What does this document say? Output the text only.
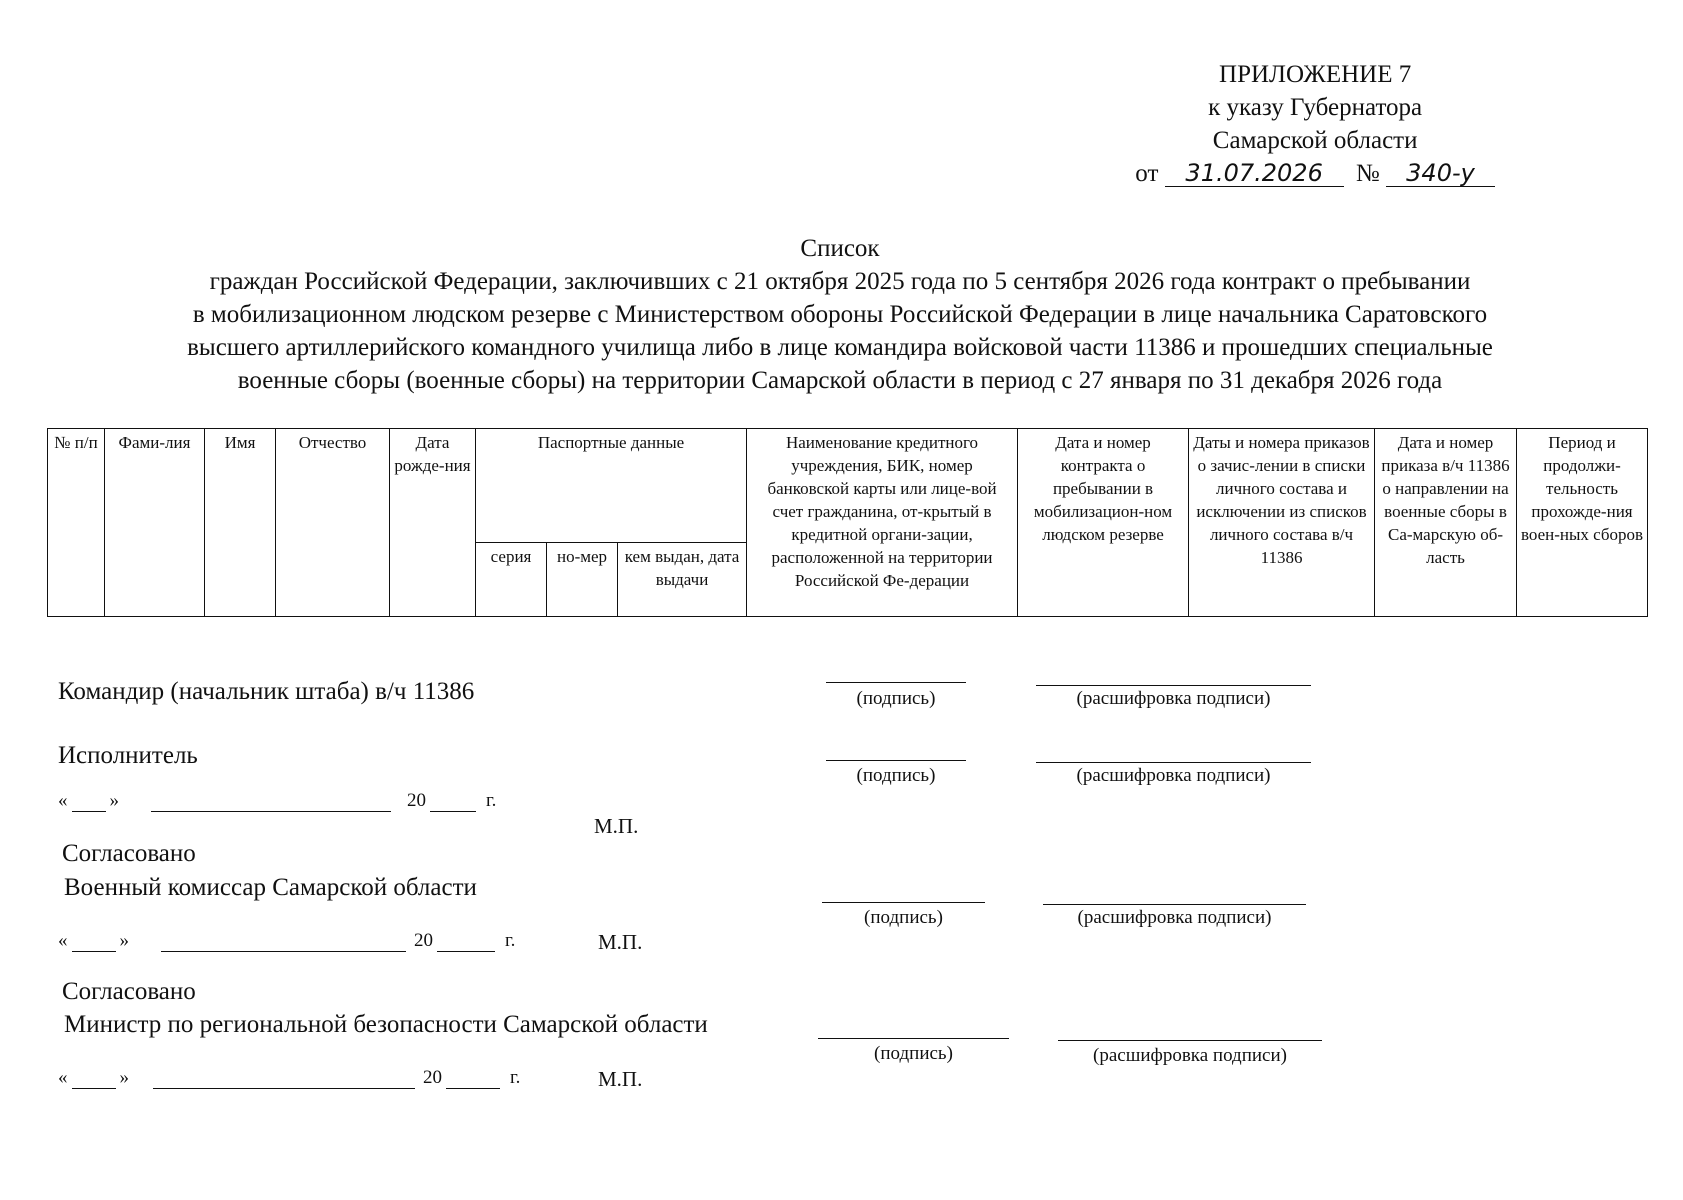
ПРИЛОЖЕНИЕ 7
к указу Губернатора
Самарской области
от 31.07.2026 № 340-у
Список
граждан Российской Федерации, заключивших с 21 октября 2025 года по 5 сентября 2026 года контракт о пребывании
в мобилизационном людском резерве с Министерством обороны Российской Федерации в лице начальника Саратовского
высшего артиллерийского командного училища либо в лице командира войсковой части 11386 и прошедших специальные
военные сборы (военные сборы) на территории Самарской области в период с 27 января по 31 декабря 2026 года
№ п/п	Фами-лия	Имя	Отчество	Дата рожде-ния	Паспортные данные			Наименование кредитного учреждения, БИК, номер банковской карты или лице-вой счет гражданина, от-крытый в кредитной органи-зации, расположенной на территории Российской Фе-дерации	Дата и номер контракта о пребывании в мобилизацион-ном людском резерве	Даты и номера приказов о зачис-лении в списки личного состава и исключении из списков личного состава в/ч 11386	Дата и номер приказа в/ч 11386 о направлении на военные сборы в Са-марскую об-ласть	Период и продолжи-тельность прохожде-ния воен-ных сборов
					серия	но-мер	кем выдан, дата выдачи					
Командир (начальник штаба) в/ч 11386	(подпись)	(расшифровка подписи)
Исполнитель
(подпись)	(расшифровка подписи)
« »	20	г.
М.П.
Согласовано
Военный комиссар Самарской области
(подпись)	(расшифровка подписи)
«	»	20	г.	М.П.
Согласовано
Министр по региональной безопасности Самарской области
(подпись)	(расшифровка подписи)
«	»	20	г.	М.П.
